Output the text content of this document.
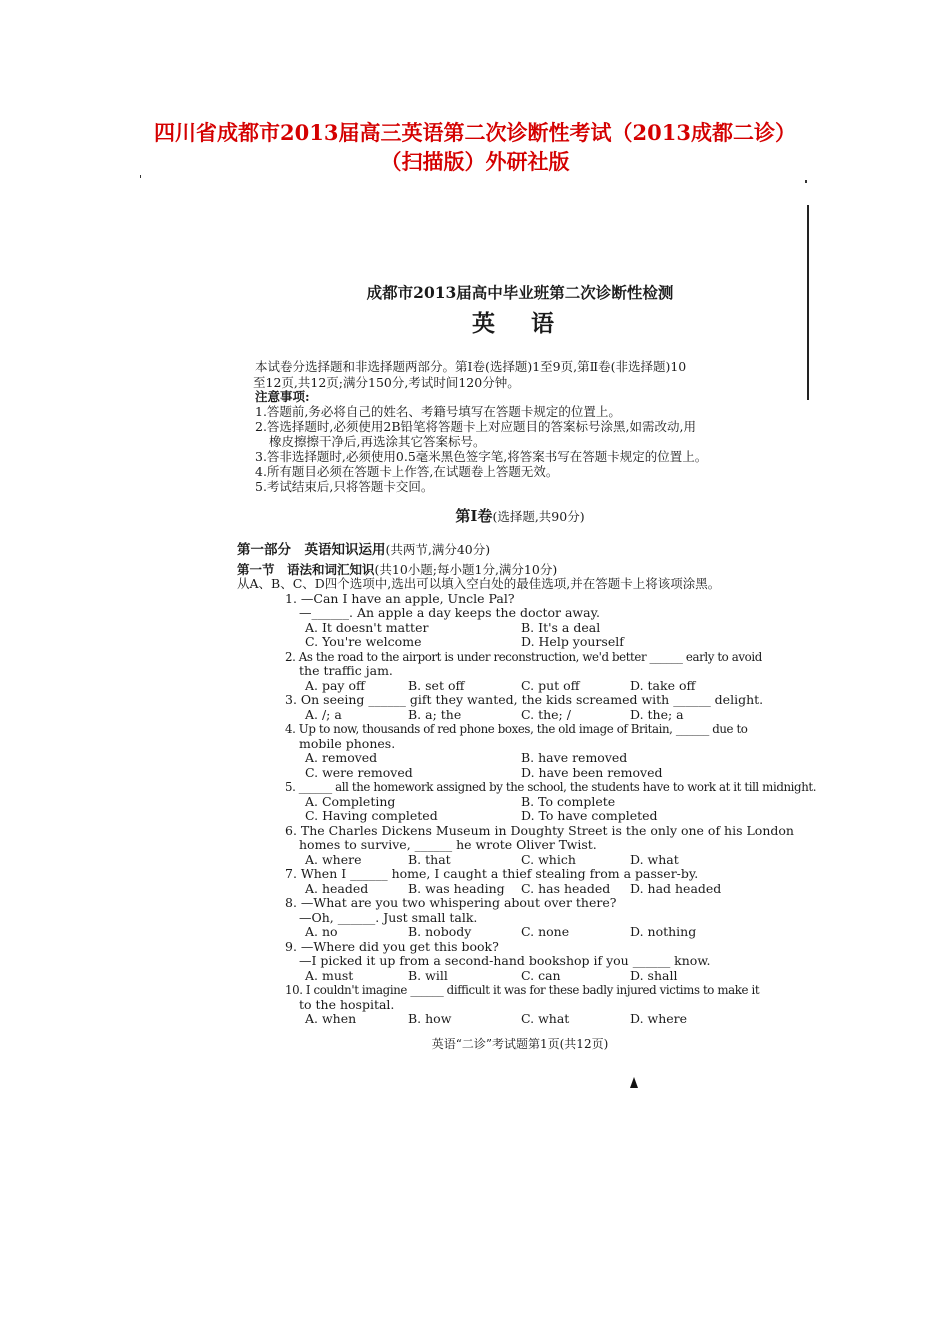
四川省成都市2013届高三英语第二次诊断性考试（2013成都二诊）
（扫描版）外研社版
成都市2013届高中毕业班第二次诊断性检测
英 语
本试卷分选择题和非选择题两部分。第Ⅰ卷(选择题)1至9页,第Ⅱ卷(非选择题)10
至12页,共12页;满分150分,考试时间120分钟。
注意事项:
1.答题前,务必将自己的姓名、考籍号填写在答题卡规定的位置上。
2.答选择题时,必须使用2B铅笔将答题卡上对应题目的答案标号涂黑,如需改动,用
橡皮擦擦干净后,再选涂其它答案标号。
3.答非选择题时,必须使用0.5毫米黑色签字笔,将答案书写在答题卡规定的位置上。
4.所有题目必须在答题卡上作答,在试题卷上答题无效。
5.考试结束后,只将答题卡交回。
第Ⅰ卷(选择题,共90分)
第一部分　英语知识运用(共两节,满分40分)
第一节　语法和词汇知识(共10小题;每小题1分,满分10分)
从A、B、C、D四个选项中,选出可以填入空白处的最佳选项,并在答题卡上将该项涂黑。
1. —Can I have an apple, Uncle Pal?
—______. An apple a day keeps the doctor away.
A. It doesn't matter	B. It's a deal
C. You're welcome	D. Help yourself
2. As the road to the airport is under reconstruction, we'd better ______ early to avoid
the traffic jam.
A. pay off	B. set off	C. put off	D. take off
3. On seeing ______ gift they wanted, the kids screamed with ______ delight.
A. /; a	B. a; the	C. the; /	D. the; a
4. Up to now, thousands of red phone boxes, the old image of Britain, ______ due to
mobile phones.
A. removed	B. have removed
C. were removed	D. have been removed
5. ______ all the homework assigned by the school, the students have to work at it till midnight.
A. Completing	B. To complete
C. Having completed	D. To have completed
6. The Charles Dickens Museum in Doughty Street is the only one of his London
homes to survive, ______ he wrote Oliver Twist.
A. where	B. that	C. which	D. what
7. When I ______ home, I caught a thief stealing from a passer-by.
A. headed	B. was heading C. has headed D. had headed
8. —What are you two whispering about over there?
—Oh, ______. Just small talk.
A. no	B. nobody	C. none	D. nothing
9. —Where did you get this book?
—I picked it up from a second-hand bookshop if you ______ know.
A. must	B. will	C. can	D. shall
10. I couldn't imagine ______ difficult it was for these badly injured victims to make it
to the hospital.
A. when	B. how	C. what	D. where
英语“二诊”考试题第1页(共12页)
